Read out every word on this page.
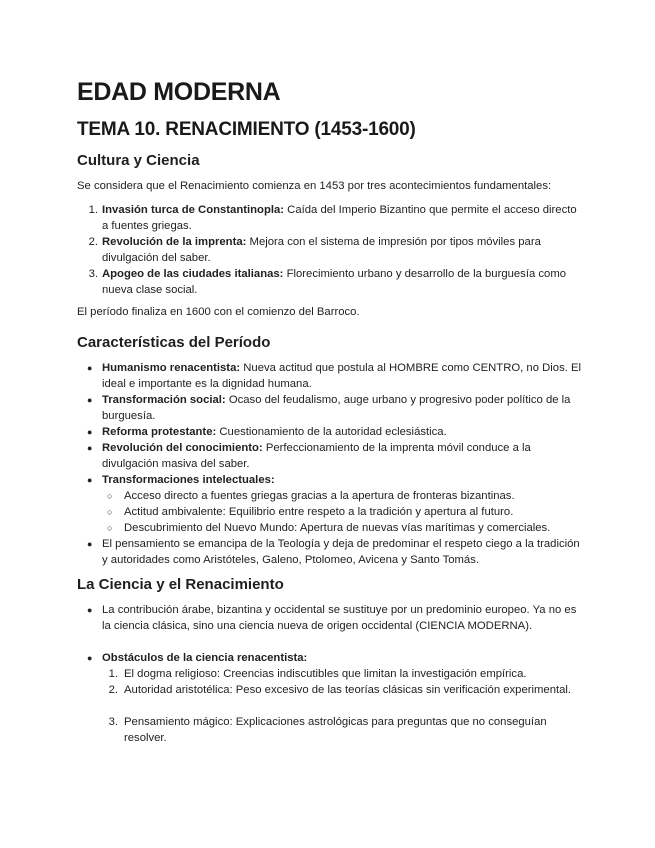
EDAD MODERNA
TEMA 10. RENACIMIENTO (1453-1600)
Cultura y Ciencia

Se considera que el Renacimiento comienza en 1453 por tres acontecimientos fundamentales:

1. Invasión turca de Constantinopla: Caída del Imperio Bizantino que permite el acceso directo a fuentes griegas.
2. Revolución de la imprenta: Mejora con el sistema de impresión por tipos móviles para divulgación del saber.
3. Apogeo de las ciudades italianas: Florecimiento urbano y desarrollo de la burguesía como nueva clase social.

El período finaliza en 1600 con el comienzo del Barroco.

Características del Período
● Humanismo renacentista: Nueva actitud que postula al HOMBRE como CENTRO, no Dios. El ideal e importante es la dignidad humana.
● Transformación social: Ocaso del feudalismo, auge urbano y progresivo poder político de la burguesía.
● Reforma protestante: Cuestionamiento de la autoridad eclesiástica.
● Revolución del conocimiento: Perfeccionamiento de la imprenta móvil conduce a la divulgación masiva del saber.
● Transformaciones intelectuales:
○ Acceso directo a fuentes griegas gracias a la apertura de fronteras bizantinas.
○ Actitud ambivalente: Equilibrio entre respeto a la tradición y apertura al futuro.
○ Descubrimiento del Nuevo Mundo: Apertura de nuevas vías marítimas y comerciales.
● El pensamiento se emancipa de la Teología y deja de predominar el respeto ciego a la tradición y autoridades como Aristóteles, Galeno, Ptolomeo, Avicena y Santo Tomás.
La Ciencia y el Renacimiento
● La contribución árabe, bizantina y occidental se sustituye por un predominio europeo. Ya no es la ciencia clásica, sino una ciencia nueva de origen occidental (CIENCIA MODERNA).
● Obstáculos de la ciencia renacentista:
1. El dogma religioso: Creencias indiscutibles que limitan la investigación empírica.
2. Autoridad aristotélica: Peso excesivo de las teorías clásicas sin verificación experimental.
3. Pensamiento mágico: Explicaciones astrológicas para preguntas que no conseguían resolver.
